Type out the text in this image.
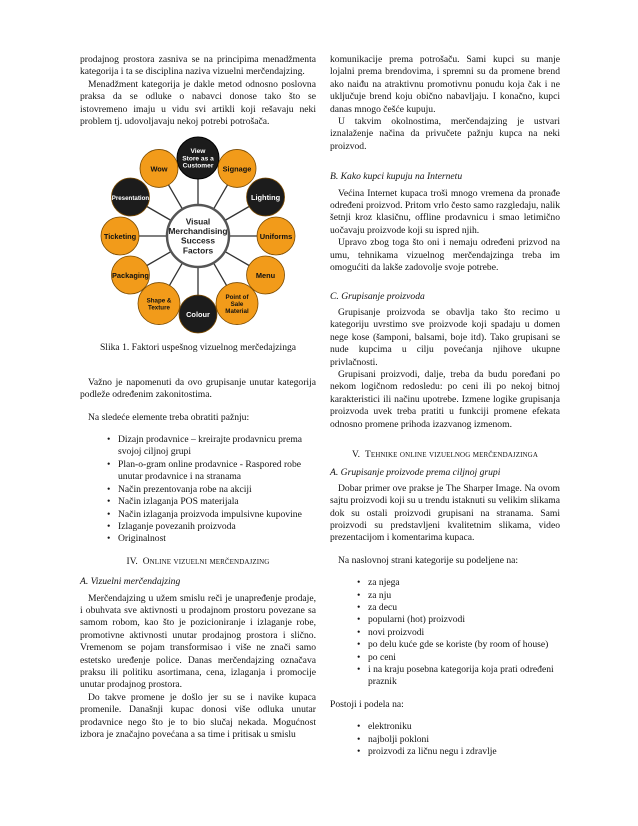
prodajnog prostora zasniva se na principima menadžmenta kategorija i ta se disciplina naziva vizuelni merčendajzing.

Menadžment kategorija je dakle metod odnosno poslovna praksa da se odluke o nabavci donose tako što se istovremeno imaju u vidu svi artikli koji rešavaju neki problem tj. udovoljavaju nekoj potrebi potrošača.

Visual
Merchandising
Success
Factors
View
Store as a
Customer Signage
Lighting
Uniforms
Menu
Point of Sale Material
Colour
Shape & Texture
Packaging
Ticketing
Presentation
Wow

Slika 1. Faktori uspešnog vizuelnog merčedajzinga

Važno je napomenuti da ovo grupisanje unutar kategorija podleže određenim zakonitostima.

Na sledeće elemente treba obratiti pažnju:

• Dizajn prodavnice – kreirajte prodavnicu prema svojoj ciljnoj grupi
• Plan-o-gram online prodavnice - Raspored robe unutar prodavnice i na stranama
• Način prezentovanja robe na akciji
• Način izlaganja POS materijala
• Način izlaganja proizvoda impulsivne kupovine
• Izlaganje povezanih proizvoda
• Originalnost

IV. Online vizuelni merčendajzing

A. Vizuelni merčendajzing

Merčendajzing u užem smislu reči je unapređenje prodaje, i obuhvata sve aktivnosti u prodajnom prostoru povezane sa samom robom, kao što je pozicioniranje i izlaganje robe, promotivne aktivnosti unutar prodajnog prostora i slično. Vremenom se pojam transformisao i više ne znači samo estetsko uređenje police. Danas merčendajzing označava praksu ili politiku asortimana, cena, izlaganja i promocije unutar prodajnog prostora.

Do takve promene je došlo jer su se i navike kupaca promenile. Današnji kupac donosi više odluka unutar prodavnice nego što je to bio slučaj nekada. Mogućnost izbora je značajno povećana a sa time i pritisak u smislu

komunikacije prema potrošaču. Sami kupci su manje lojalni prema brendovima, i spremni su da promene brend ako naiđu na atraktivnu promotivnu ponudu koja čak i ne uključuje brend koju obično nabavljaju. I konačno, kupci danas mnogo češće kupuju.

U takvim okolnostima, merčendajzing je ustvari iznalaženje načina da privučete pažnju kupca na neki proizvod.

B. Kako kupci kupuju na Internetu

Većina Internet kupaca troši mnogo vremena da pronađe određeni proizvod. Pritom vrlo često samo razgledaju, nalik šetnji kroz klasičnu, offline prodavnicu i smao letimično uočavaju proizvode koji su ispred njih.

Upravo zbog toga što oni i nemaju određeni prizvod na umu, tehnikama vizuelnog merčendajzinga treba im omogućiti da lakše zadovolje svoje potrebe.

C. Grupisanje proizvoda

Grupisanje proizvoda se obavlja tako što recimo u kategoriju uvrstimo sve proizvode koji spadaju u domen nege kose (šamponi, balsami, boje itd). Tako grupisani se nude kupcima u cilju povećanja njihove ukupne privlačnosti.

Grupisani proizvodi, dalje, treba da budu poređani po nekom logičnom redosledu: po ceni ili po nekoj bitnoj karakteristici ili načinu upotrebe. Izmene logike grupisanja proizvoda uvek treba pratiti u funkciji promene efekata odnosno promene prihoda izazvanog izmenom.

V. Tehnike online vizuelnog merčendajzinga

A. Grupisanje proizvode prema ciljnoj grupi

Dobar primer ove prakse je The Sharper Image. Na ovom sajtu proizvodi koji su u trendu istaknuti su velikim slikama dok su ostali proizvodi grupisani na stranama. Sami proizvodi su predstavljeni kvalitetnim slikama, video prezentacijom i komentarima kupaca.

Na naslovnoj strani kategorije su podeljene na:

• za njega
• za nju
• za decu
• popularni (hot) proizvodi
• novi proizvodi
• po delu kuće gde se koriste (by room of house)
• po ceni
• i na kraju posebna kategorija koja prati određeni praznik

Postoji i podela na:

• elektroniku
• najbolji pokloni
• proizvodi za ličnu negu i zdravlje
